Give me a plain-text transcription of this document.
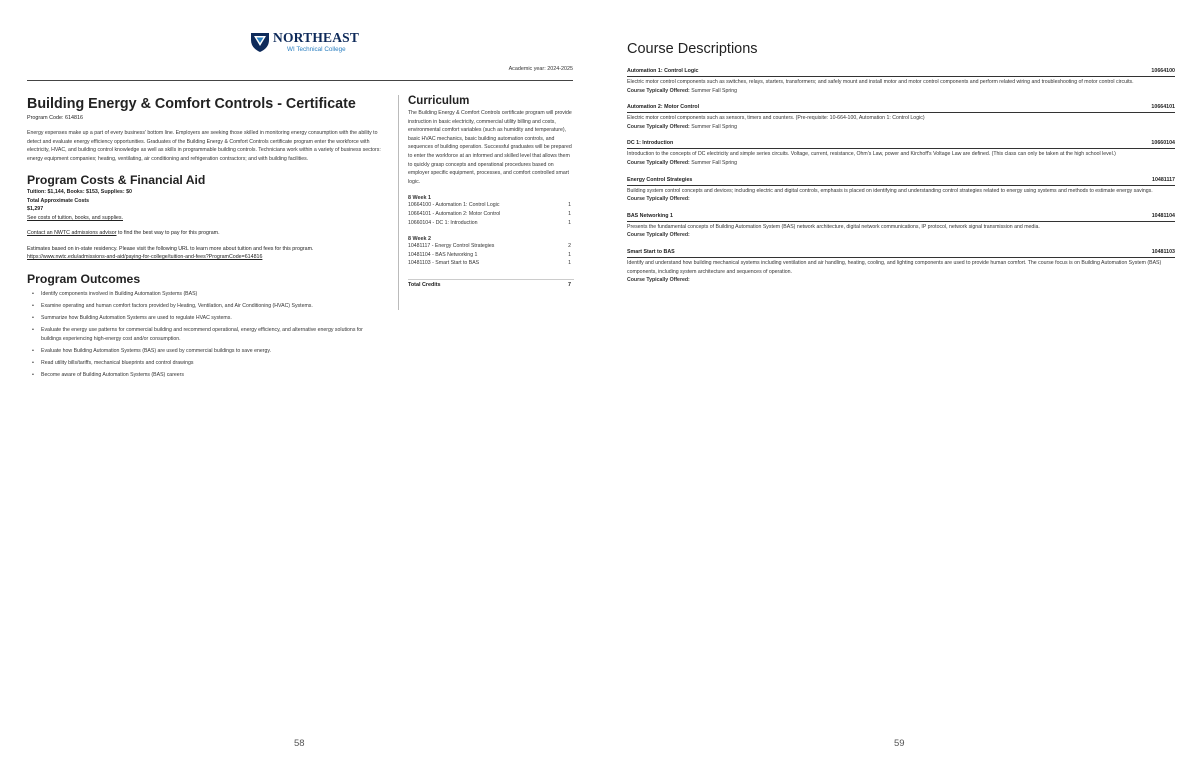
NORTHEAST
WI Technical College
Academic year: 2024-2025
Building Energy & Comfort Controls - Certificate
Program Code: 614816

Energy expenses make up a part of every business' bottom line. Employers are seeking those skilled in monitoring energy consumption with the ability to detect and evaluate energy efficiency opportunities. Graduates of the Building Energy & Comfort Controls certificate program enter the workforce with electricity, HVAC, and building control knowledge as well as skills in programmable building controls. Technicians work within a variety of business sectors: energy equipment companies; heating, ventilating, air conditioning and refrigeration contractors; and with building facilities.

Program Costs & Financial Aid
Tuition: $1,144, Books: $153, Supplies: $0
Total Approximate Costs
$1,297
See costs of tuition, books, and supplies.
Contact an NWTC admissions advisor to find the best way to pay for this program.
Estimates based on in-state residency. Please visit the following URL to learn more about tuition and fees for this program.
https://www.nwtc.edu/admissions-and-aid/paying-for-college/tuition-and-fees?ProgramCode=614816
Program Outcomes
• Identify components involved in Building Automation Systems (BAS)
• Examine operating and human comfort factors provided by Heating, Ventilation, and Air Conditioning (HVAC) Systems.
• Summarize how Building Automation Systems are used to regulate HVAC systems.
• Evaluate the energy use patterns for commercial building and recommend operational, energy efficiency, and alternative energy solutions for buildings experiencing high-energy cost and/or consumption.
• Evaluate how Building Automation Systems (BAS) are used by commercial buildings to save energy.
• Read utility bills/tariffs, mechanical blueprints and control drawings
• Become aware of Building Automation Systems (BAS) careers
Curriculum

The Building Energy & Comfort Controls certificate program will provide instruction in basic electricity, commercial utility billing and costs, environmental comfort variables (such as humidity and temperature), basic HVAC mechanics, basic building automation controls, and sequences of building operation. Successful graduates will be prepared to enter the workforce at an informed and skilled level that allows them to quickly grasp concepts and operational procedures based on employer specific equipment, processes, and comfort controlled smart logic.

8 Week 1
10664100 - Automation 1: Control Logic	1
10664101 - Automation 2: Motor Control	1
10660104 - DC 1: Introduction	1
8 Week 2
10481117 - Energy Control Strategies	2
10481104 - BAS Networking 1	1
10481103 - Smart Start to BAS	1
Total Credits	7
58	59
Course Descriptions
Automation 1: Control Logic	10664100
Electric motor control components such as switches, relays, starters, transformers; and safely mount and install motor and motor control components and perform related wiring and troubleshooting of motor control circuits.
Course Typically Offered: Summer Fall Spring
Automation 2: Motor Control	10664101
Electric motor control components such as sensors, timers and counters. (Pre-requisite: 10-664-100, Automation 1: Control Logic)
Course Typically Offered: Summer Fall Spring
DC 1: Introduction	10660104
Introduction to the concepts of DC electricity and simple series circuits. Voltage, current, resistance, Ohm's Law, power and Kirchoff's Voltage Law are defined. (This class can only be taken at the high school level.)
Course Typically Offered: Summer Fall Spring
Energy Control Strategies	10481117
Building system control concepts and devices; including electric and digital controls, emphasis is placed on identifying and understanding control strategies related to energy using systems and methods to estimate energy savings.
Course Typically Offered:
BAS Networking 1	10481104
Presents the fundamental concepts of Building Automation System (BAS) network architecture, digital network communications, IP protocol, network signal transmission and media.
Course Typically Offered:
Smart Start to BAS	10481103
Identify and understand how building mechanical systems including ventilation and air handling, heating, cooling, and lighting components are used to provide human comfort. The course focus is on Building Automation System (BAS) components, including system architecture and sequences of operation.
Course Typically Offered:
